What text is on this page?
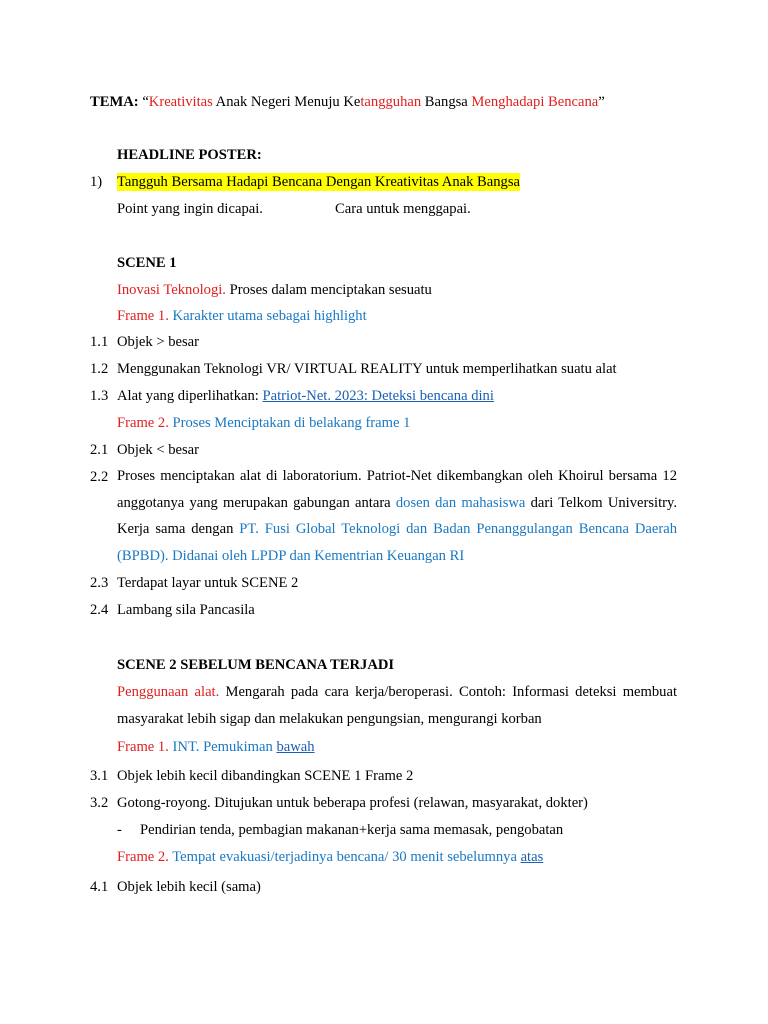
TEMA: “Kreativitas Anak Negeri Menuju Ketangguhan Bangsa Menghadapi Bencana”
HEADLINE POSTER:
1) Tangguh Bersama Hadapi Bencana Dengan Kreativitas Anak Bangsa
Point yang ingin dicapai.	Cara untuk menggapai.
SCENE 1
Inovasi Teknologi. Proses dalam menciptakan sesuatu
Frame 1. Karakter utama sebagai highlight
1.1 Objek > besar
1.2 Menggunakan Teknologi VR/ VIRTUAL REALITY untuk memperlihatkan suatu alat
1.3 Alat yang diperlihatkan: Patriot-Net. 2023: Deteksi bencana dini
Frame 2. Proses Menciptakan di belakang frame 1
2.1 Objek < besar
2.2 Proses menciptakan alat di laboratorium. Patriot-Net dikembangkan oleh Khoirul bersama 12 anggotanya yang merupakan gabungan antara dosen dan mahasiswa dari Telkom Universitry. Kerja sama dengan PT. Fusi Global Teknologi dan Badan Penanggulangan Bencana Daerah (BPBD). Didanai oleh LPDP dan Kementrian Keuangan RI
2.3 Terdapat layar untuk SCENE 2
2.4 Lambang sila Pancasila
SCENE 2 SEBELUM BENCANA TERJADI
Penggunaan alat. Mengarah pada cara kerja/beroperasi. Contoh: Informasi deteksi membuat masyarakat lebih sigap dan melakukan pengungsian, mengurangi korban
Frame 1. INT. Pemukiman bawah
3.1 Objek lebih kecil dibandingkan SCENE 1 Frame 2
3.2 Gotong-royong. Ditujukan untuk beberapa profesi (relawan, masyarakat, dokter)
- Pendirian tenda, pembagian makanan+kerja sama memasak, pengobatan
Frame 2. Tempat evakuasi/terjadinya bencana/ 30 menit sebelumnya atas
4.1 Objek lebih kecil (sama)
